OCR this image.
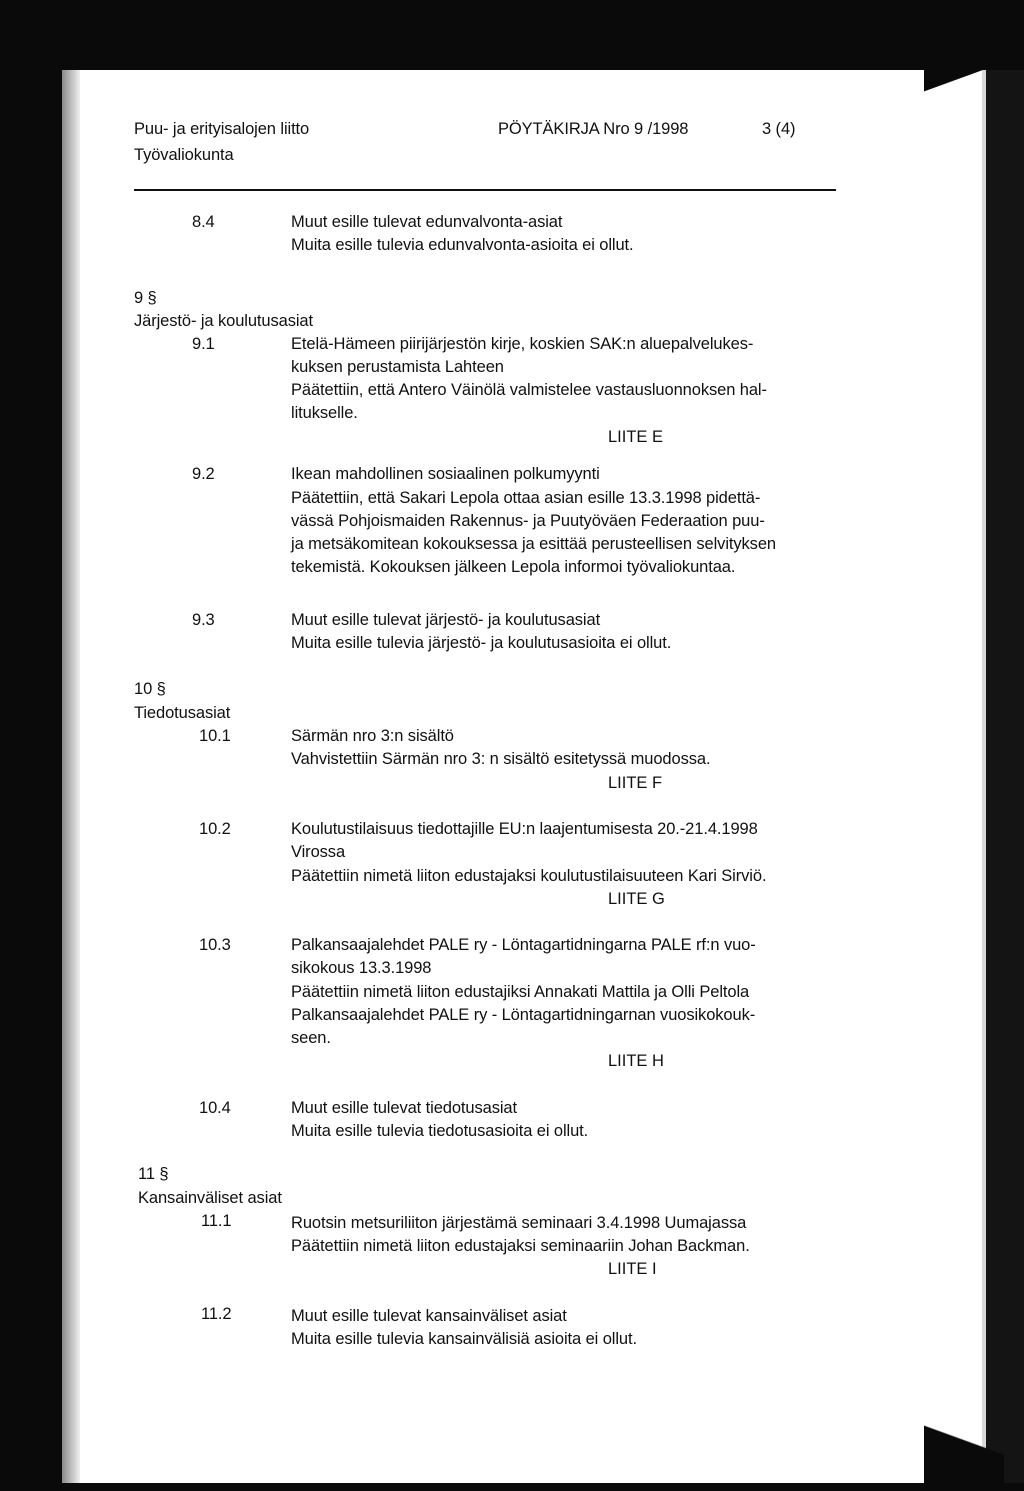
Puu- ja erityisalojen liitto
Työvaliokunta
PÖYTÄKIRJA Nro 9 /1998	3 (4)
8.4	Muut esille tulevat edunvalvonta-asiat
Muita esille tulevia edunvalvonta-asioita ei ollut.
9 §
Järjestö- ja koulutusasiat
9.1	Etelä-Hämeen piirijärjestön kirje, koskien SAK:n aluepalvelukes-
kuksen perustamista Lahteen
Päätettiin, että Antero Väinölä valmistelee vastausluonnoksen hal-
litukselle.
LIITE E
9.2	Ikean mahdollinen sosiaalinen polkumyynti
Päätettiin, että Sakari Lepola ottaa asian esille 13.3.1998 pidettä-
vässä Pohjoismaiden Rakennus- ja Puutyöväen Federaation puu-
ja metsäkomitean kokouksessa ja esittää perusteellisen selvityksen
tekemistä. Kokouksen jälkeen Lepola informoi työvaliokuntaa.
9.3	Muut esille tulevat järjestö- ja koulutusasiat
Muita esille tulevia järjestö- ja koulutusasioita ei ollut.
10 §
Tiedotusasiat
10.1	Särmän nro 3:n sisältö
Vahvistettiin Särmän nro 3: n sisältö esitetyssä muodossa.
LIITE F
10.2	Koulutustilaisuus tiedottajille EU:n laajentumisesta 20.-21.4.1998
Virossa
Päätettiin nimetä liiton edustajaksi koulutustilaisuuteen Kari Sirviö.
LIITE G
10.3	Palkansaajalehdet PALE ry - Löntagartidningarna PALE rf:n vuo-
sikokous 13.3.1998
Päätettiin nimetä liiton edustajiksi Annakati Mattila ja Olli Peltola
Palkansaajalehdet PALE ry - Löntagartidningarnan vuosikokouk-
seen.
LIITE H
10.4	Muut esille tulevat tiedotusasiat
Muita esille tulevia tiedotusasioita ei ollut.
11 §
Kansainväliset asiat
11.1	Ruotsin metsuriliiton järjestämä seminaari 3.4.1998 Uumajassa
Päätettiin nimetä liiton edustajaksi seminaariin Johan Backman.
LIITE I
11.2	Muut esille tulevat kansainväliset asiat
Muita esille tulevia kansainvälisiä asioita ei ollut.
